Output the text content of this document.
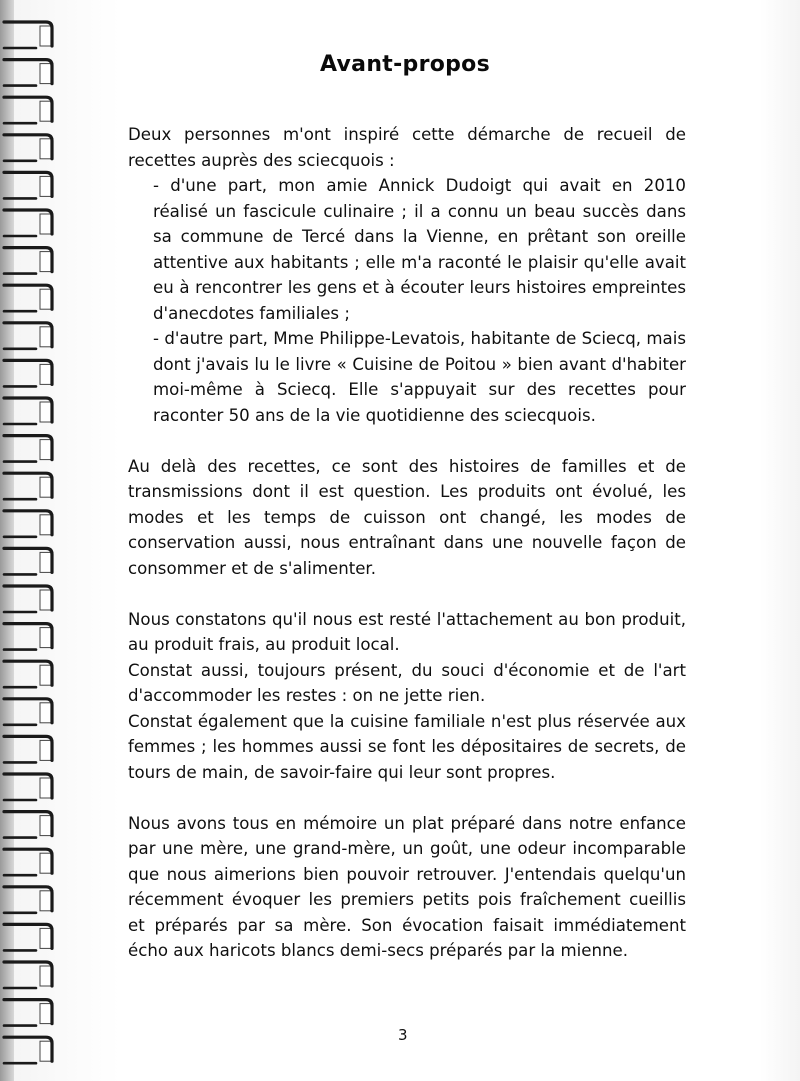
Avant-propos

Deux personnes m'ont inspiré cette démarche de recueil de recettes auprès des sciecquois :

- d'une part, mon amie Annick Dudoigt qui avait en 2010 réalisé un fascicule culinaire ; il a connu un beau succès dans sa commune de Tercé dans la Vienne, en prêtant son oreille attentive aux habitants ; elle m'a raconté le plaisir qu'elle avait eu à rencontrer les gens et à écouter leurs histoires empreintes d'anecdotes familiales ;

- d'autre part, Mme Philippe-Levatois, habitante de Sciecq, mais dont j'avais lu le livre « Cuisine de Poitou » bien avant d'habiter moi-même à Sciecq. Elle s'appuyait sur des recettes pour raconter 50 ans de la vie quotidienne des sciecquois.

Au delà des recettes, ce sont des histoires de familles et de transmissions dont il est question. Les produits ont évolué, les modes et les temps de cuisson ont changé, les modes de conservation aussi, nous entraînant dans une nouvelle façon de consommer et de s'alimenter.

Nous constatons qu'il nous est resté l'attachement au bon produit, au produit frais, au produit local.

Constat aussi, toujours présent, du souci d'économie et de l'art d'accommoder les restes : on ne jette rien.

Constat également que la cuisine familiale n'est plus réservée aux femmes ; les hommes aussi se font les dépositaires de secrets, de tours de main, de savoir-faire qui leur sont propres.

Nous avons tous en mémoire un plat préparé dans notre enfance par une mère, une grand-mère, un goût, une odeur incomparable que nous aimerions bien pouvoir retrouver. J'entendais quelqu'un récemment évoquer les premiers petits pois fraîchement cueillis et préparés par sa mère. Son évocation faisait immédiatement écho aux haricots blancs demi-secs préparés par la mienne.

3
